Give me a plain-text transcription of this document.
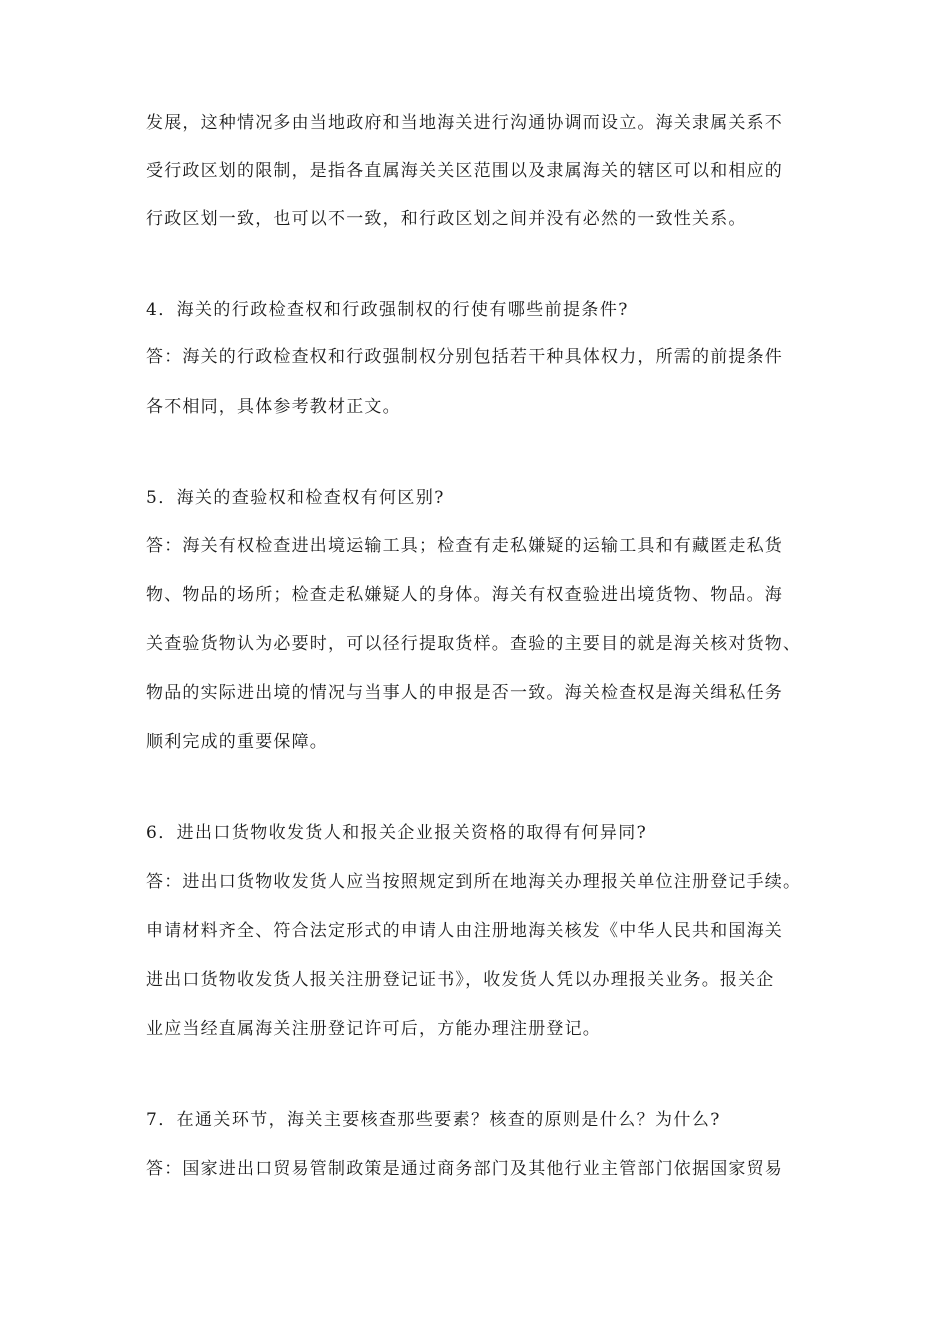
发展，这种情况多由当地政府和当地海关进行沟通协调而设立。海关隶属关系不
受行政区划的限制，是指各直属海关关区范围以及隶属海关的辖区可以和相应的
行政区划一致，也可以不一致，和行政区划之间并没有必然的一致性关系。
4．海关的行政检查权和行政强制权的行使有哪些前提条件?
答：海关的行政检查权和行政强制权分别包括若干种具体权力，所需的前提条件
各不相同，具体参考教材正文。
5．海关的查验权和检查权有何区别?
答：海关有权检查进出境运输工具；检查有走私嫌疑的运输工具和有藏匿走私货
物、物品的场所；检查走私嫌疑人的身体。海关有权查验进出境货物、物品。海
关查验货物认为必要时，可以径行提取货样。查验的主要目的就是海关核对货物、
物品的实际进出境的情况与当事人的申报是否一致。海关检查权是海关缉私任务
顺利完成的重要保障。
6．进出口货物收发货人和报关企业报关资格的取得有何异同?
答：进出口货物收发货人应当按照规定到所在地海关办理报关单位注册登记手续。
申请材料齐全、符合法定形式的申请人由注册地海关核发《中华人民共和国海关
进出口货物收发货人报关注册登记证书》，收发货人凭以办理报关业务。报关企
业应当经直属海关注册登记许可后，方能办理注册登记。
7．在通关环节，海关主要核查那些要素？核查的原则是什么？为什么?
答：国家进出口贸易管制政策是通过商务部门及其他行业主管部门依据国家贸易
